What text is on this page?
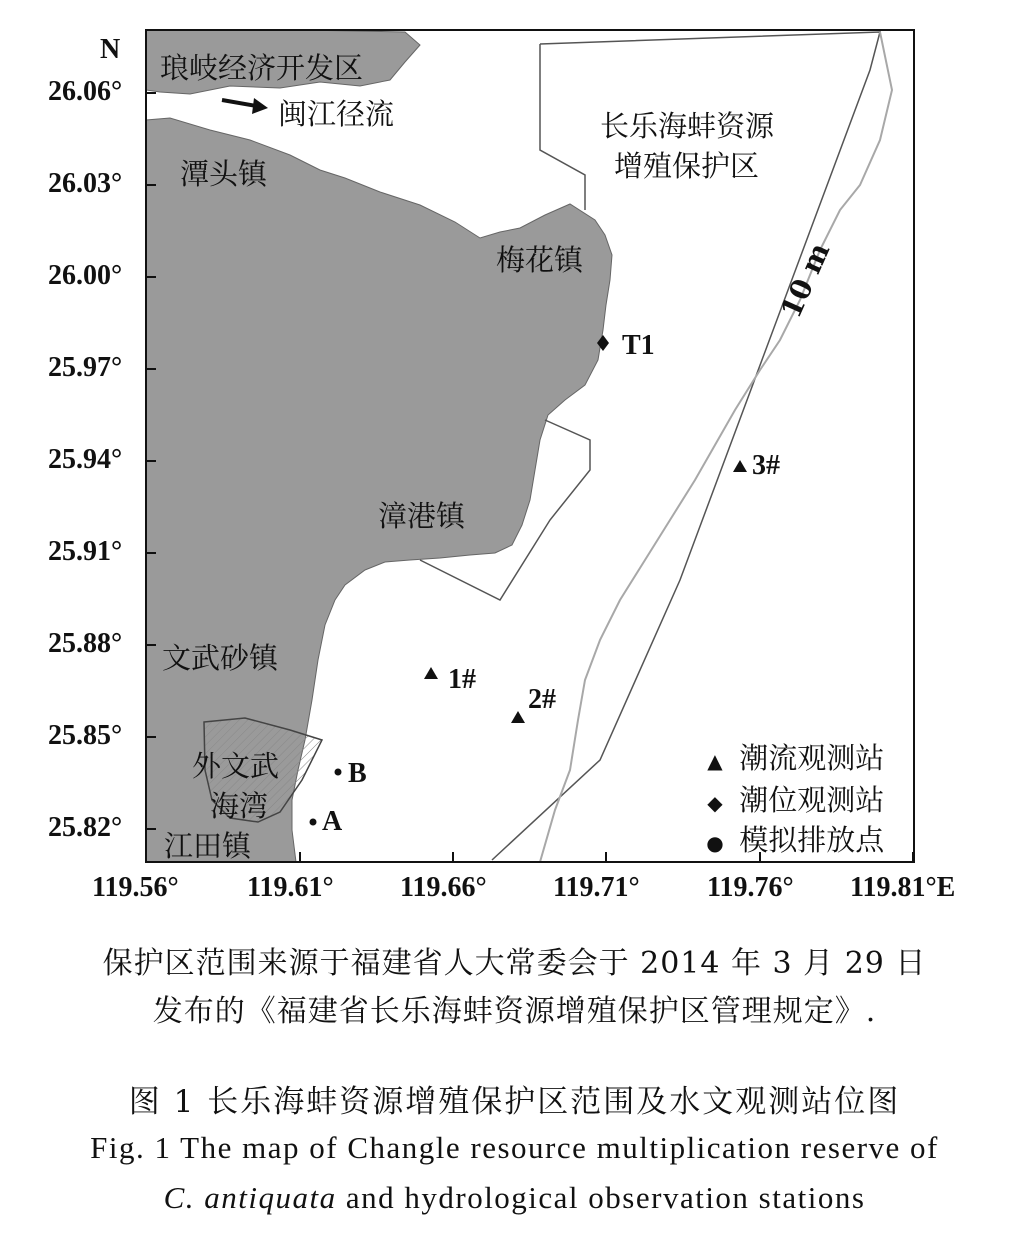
10 m
N
26.06°
26.03°
26.00°
25.97°
25.94°
25.91°
25.88°
25.85°
25.82°
119.56° 119.61° 119.66° 119.71° 119.76° 119.81°E
琅岐经济开发区
闽江径流	长乐海蚌资源
增殖保护区
潭头镇
梅花镇
漳港镇
文武砂镇
外文武
海湾
江田镇
T1
1#
2#
3#
B
A
▲ 潮流观测站
◆ 潮位观测站
● 模拟排放点
保护区范围来源于福建省人大常委会于 2014 年 3 月 29 日
发布的《福建省长乐海蚌资源增殖保护区管理规定》.
图 1 长乐海蚌资源增殖保护区范围及水文观测站位图
Fig. 1 The map of Changle resource multiplication reserve of
C. antiquata and hydrological observation stations
